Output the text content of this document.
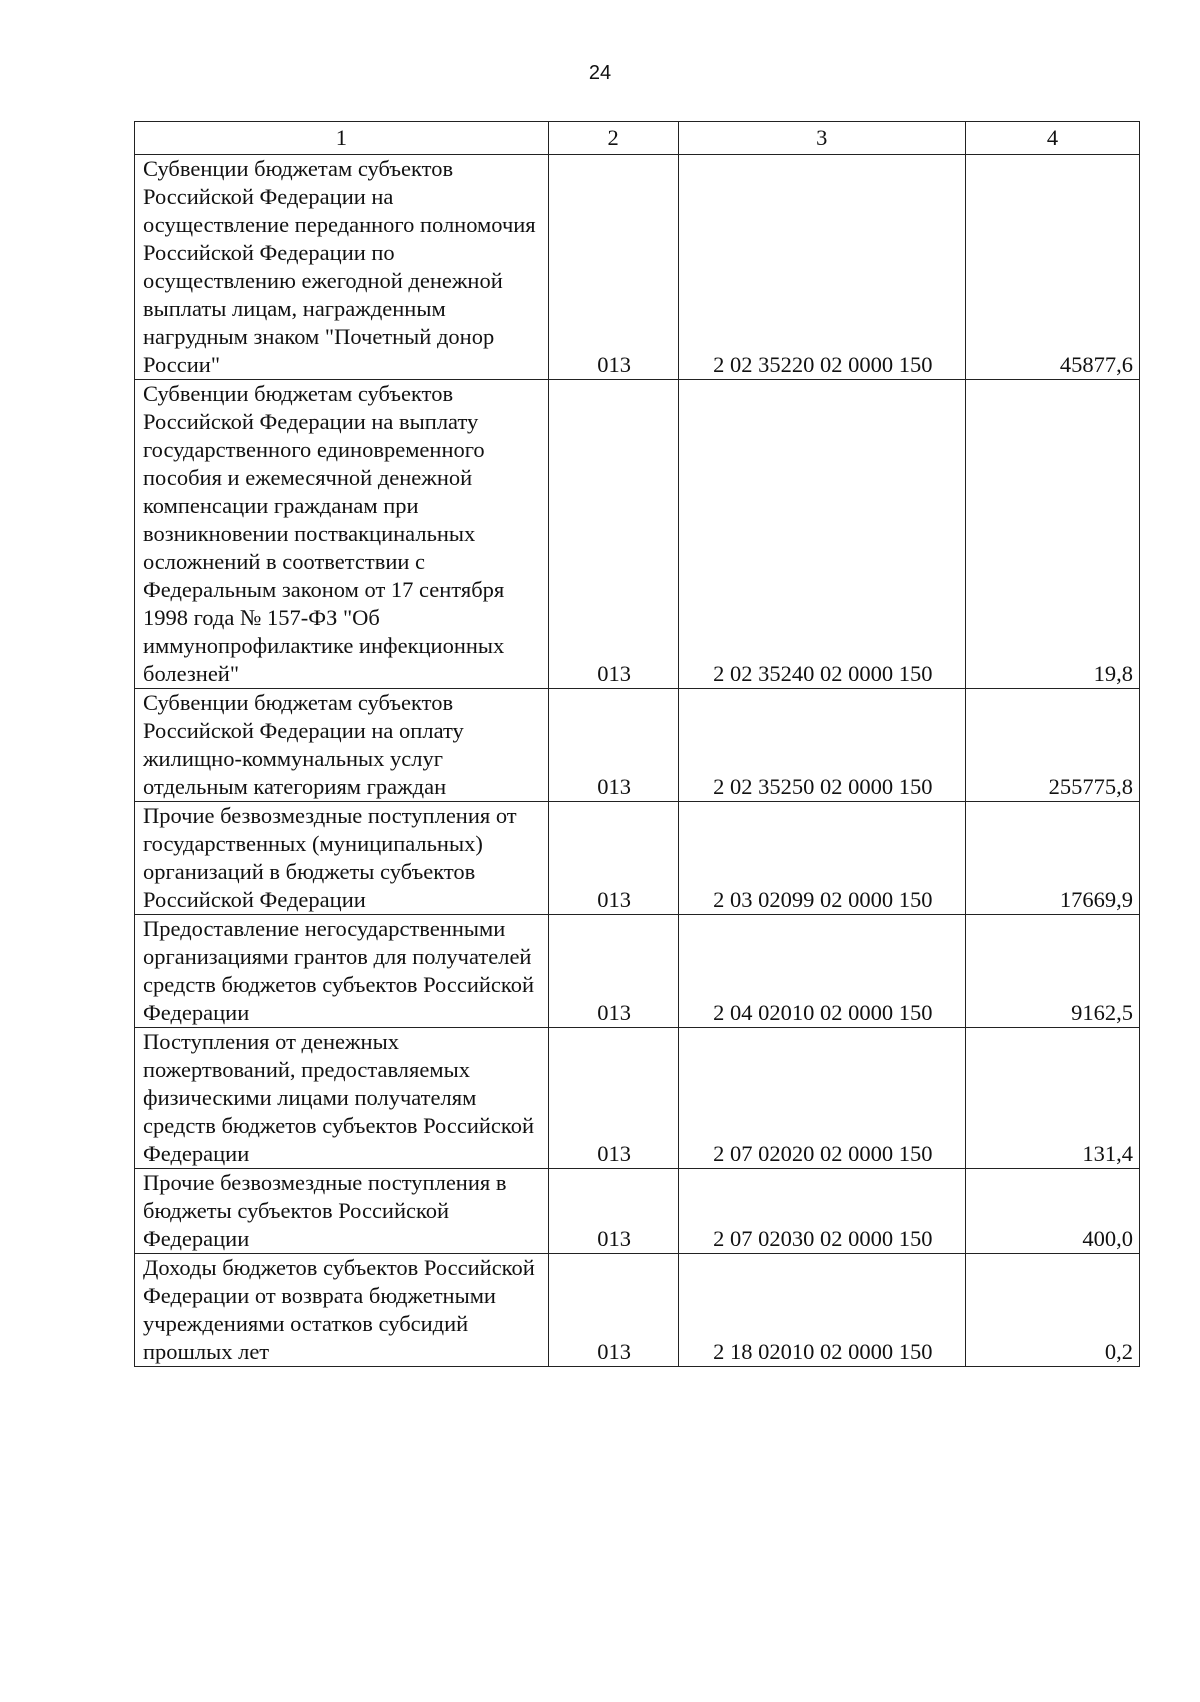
24
1	2	3	4
Субвенции бюджетам субъектов Российской Федерации на осуществление переданного полномочия Российской Федерации по осуществлению ежегодной денежной выплаты лицам, награжденным нагрудным знаком "Почетный донор России"	013	2 02 35220 02 0000 150	45877,6
Субвенции бюджетам субъектов Российской Федерации на выплату государственного единовременного пособия и ежемесячной денежной компенсации гражданам при возникновении поствакцинальных осложнений в соответствии с Федеральным законом от 17 сентября 1998 года № 157-ФЗ "Об иммунопрофилактике инфекционных болезней"	013	2 02 35240 02 0000 150	19,8
Субвенции бюджетам субъектов Российской Федерации на оплату жилищно-коммунальных услуг отдельным категориям граждан	013	2 02 35250 02 0000 150	255775,8
Прочие безвозмездные поступления от государственных (муниципальных) организаций в бюджеты субъектов Российской Федерации	013	2 03 02099 02 0000 150	17669,9
Предоставление негосударственными организациями грантов для получателей средств бюджетов субъектов Российской Федерации	013	2 04 02010 02 0000 150	9162,5
Поступления от денежных пожертвований, предоставляемых физическими лицами получателям средств бюджетов субъектов Российской Федерации	013	2 07 02020 02 0000 150	131,4
Прочие безвозмездные поступления в бюджеты субъектов Российской Федерации	013	2 07 02030 02 0000 150	400,0
Доходы бюджетов субъектов Российской Федерации от возврата бюджетными учреждениями остатков субсидий прошлых лет	013	2 18 02010 02 0000 150	0,2
